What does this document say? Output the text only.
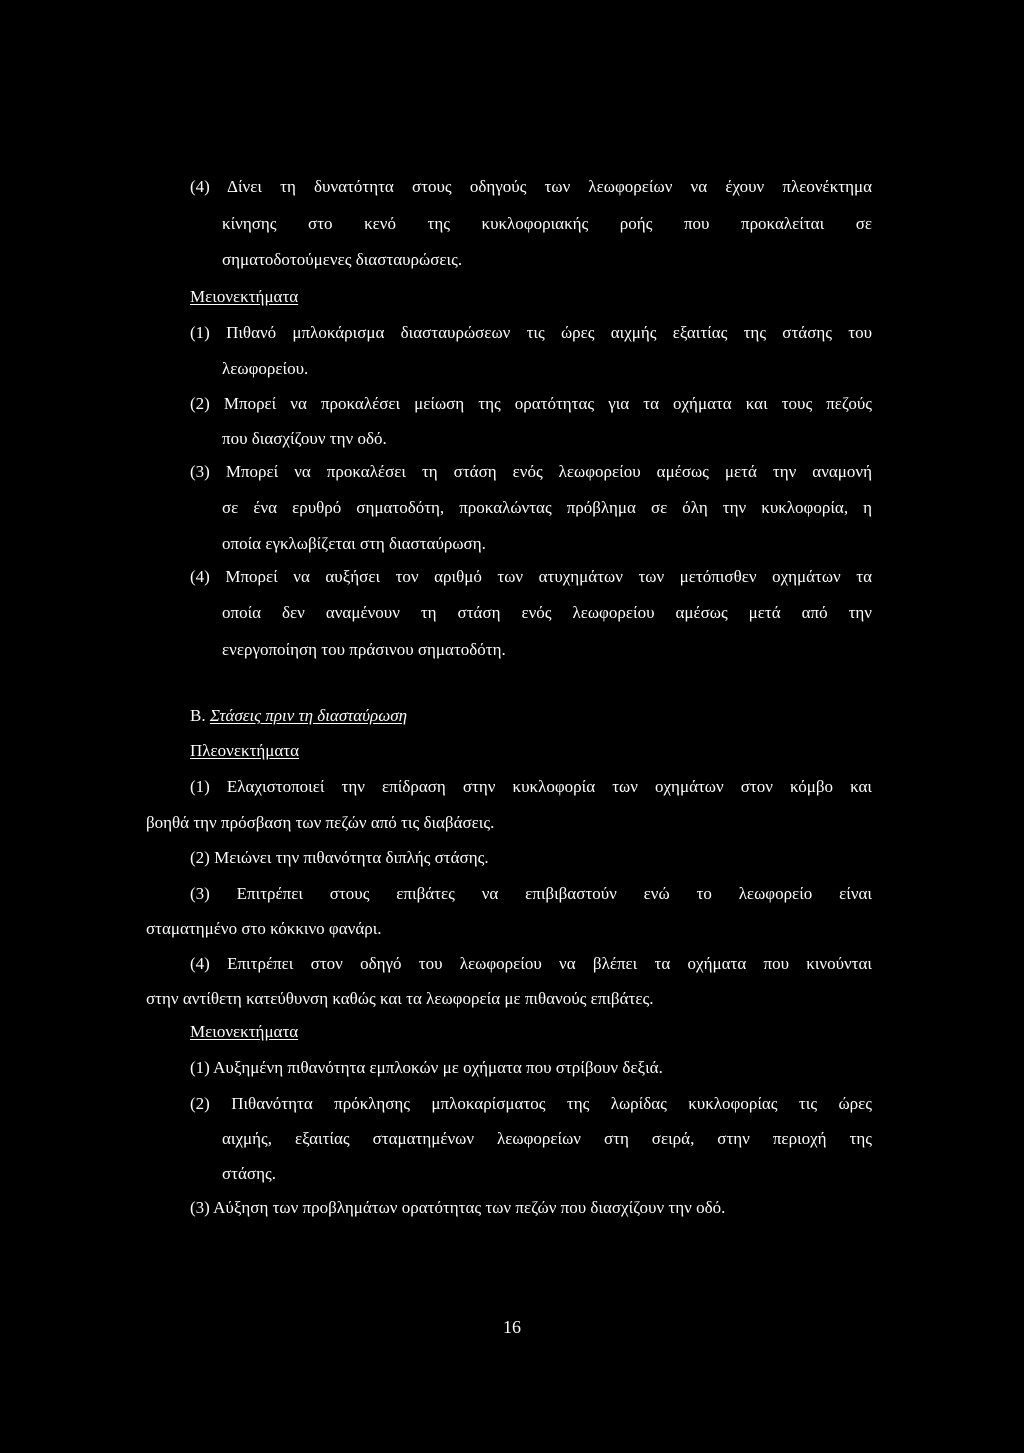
(4) Δίνει τη δυνατότητα στους οδηγούς των λεωφορείων να έχουν πλεονέκτημα
κίνησης στο κενό της κυκλοφοριακής ροής που προκαλείται σε
σηματοδοτούμενες διασταυρώσεις.
Μειονεκτήματα
(1) Πιθανό μπλοκάρισμα διασταυρώσεων τις ώρες αιχμής εξαιτίας της στάσης του
λεωφορείου.
(2) Μπορεί να προκαλέσει μείωση της ορατότητας για τα οχήματα και τους πεζούς
που διασχίζουν την οδό.
(3) Μπορεί να προκαλέσει τη στάση ενός λεωφορείου αμέσως μετά την αναμονή
σε ένα ερυθρό σηματοδότη, προκαλώντας πρόβλημα σε όλη την κυκλοφορία, η
οποία εγκλωβίζεται στη διασταύρωση.
(4) Μπορεί να αυξήσει τον αριθμό των ατυχημάτων των μετόπισθεν οχημάτων τα
οποία δεν αναμένουν τη στάση ενός λεωφορείου αμέσως μετά από την
ενεργοποίηση του πράσινου σηματοδότη.
Β. Στάσεις πριν τη διασταύρωση
Πλεονεκτήματα
(1) Ελαχιστοποιεί την επίδραση στην κυκλοφορία των οχημάτων στον κόμβο και
βοηθά την πρόσβαση των πεζών από τις διαβάσεις.
(2) Μειώνει την πιθανότητα διπλής στάσης.
(3) Επιτρέπει στους επιβάτες να επιβιβαστούν ενώ το λεωφορείο είναι
σταματημένο στο κόκκινο φανάρι.
(4) Επιτρέπει στον οδηγό του λεωφορείου να βλέπει τα οχήματα που κινούνται
στην αντίθετη κατεύθυνση καθώς και τα λεωφορεία με πιθανούς επιβάτες.
Μειονεκτήματα
(1) Αυξημένη πιθανότητα εμπλοκών με οχήματα που στρίβουν δεξιά.
(2) Πιθανότητα πρόκλησης μπλοκαρίσματος της λωρίδας κυκλοφορίας τις ώρες
αιχμής, εξαιτίας σταματημένων λεωφορείων στη σειρά, στην περιοχή της
στάσης.
(3) Αύξηση των προβλημάτων ορατότητας των πεζών που διασχίζουν την οδό.
16
